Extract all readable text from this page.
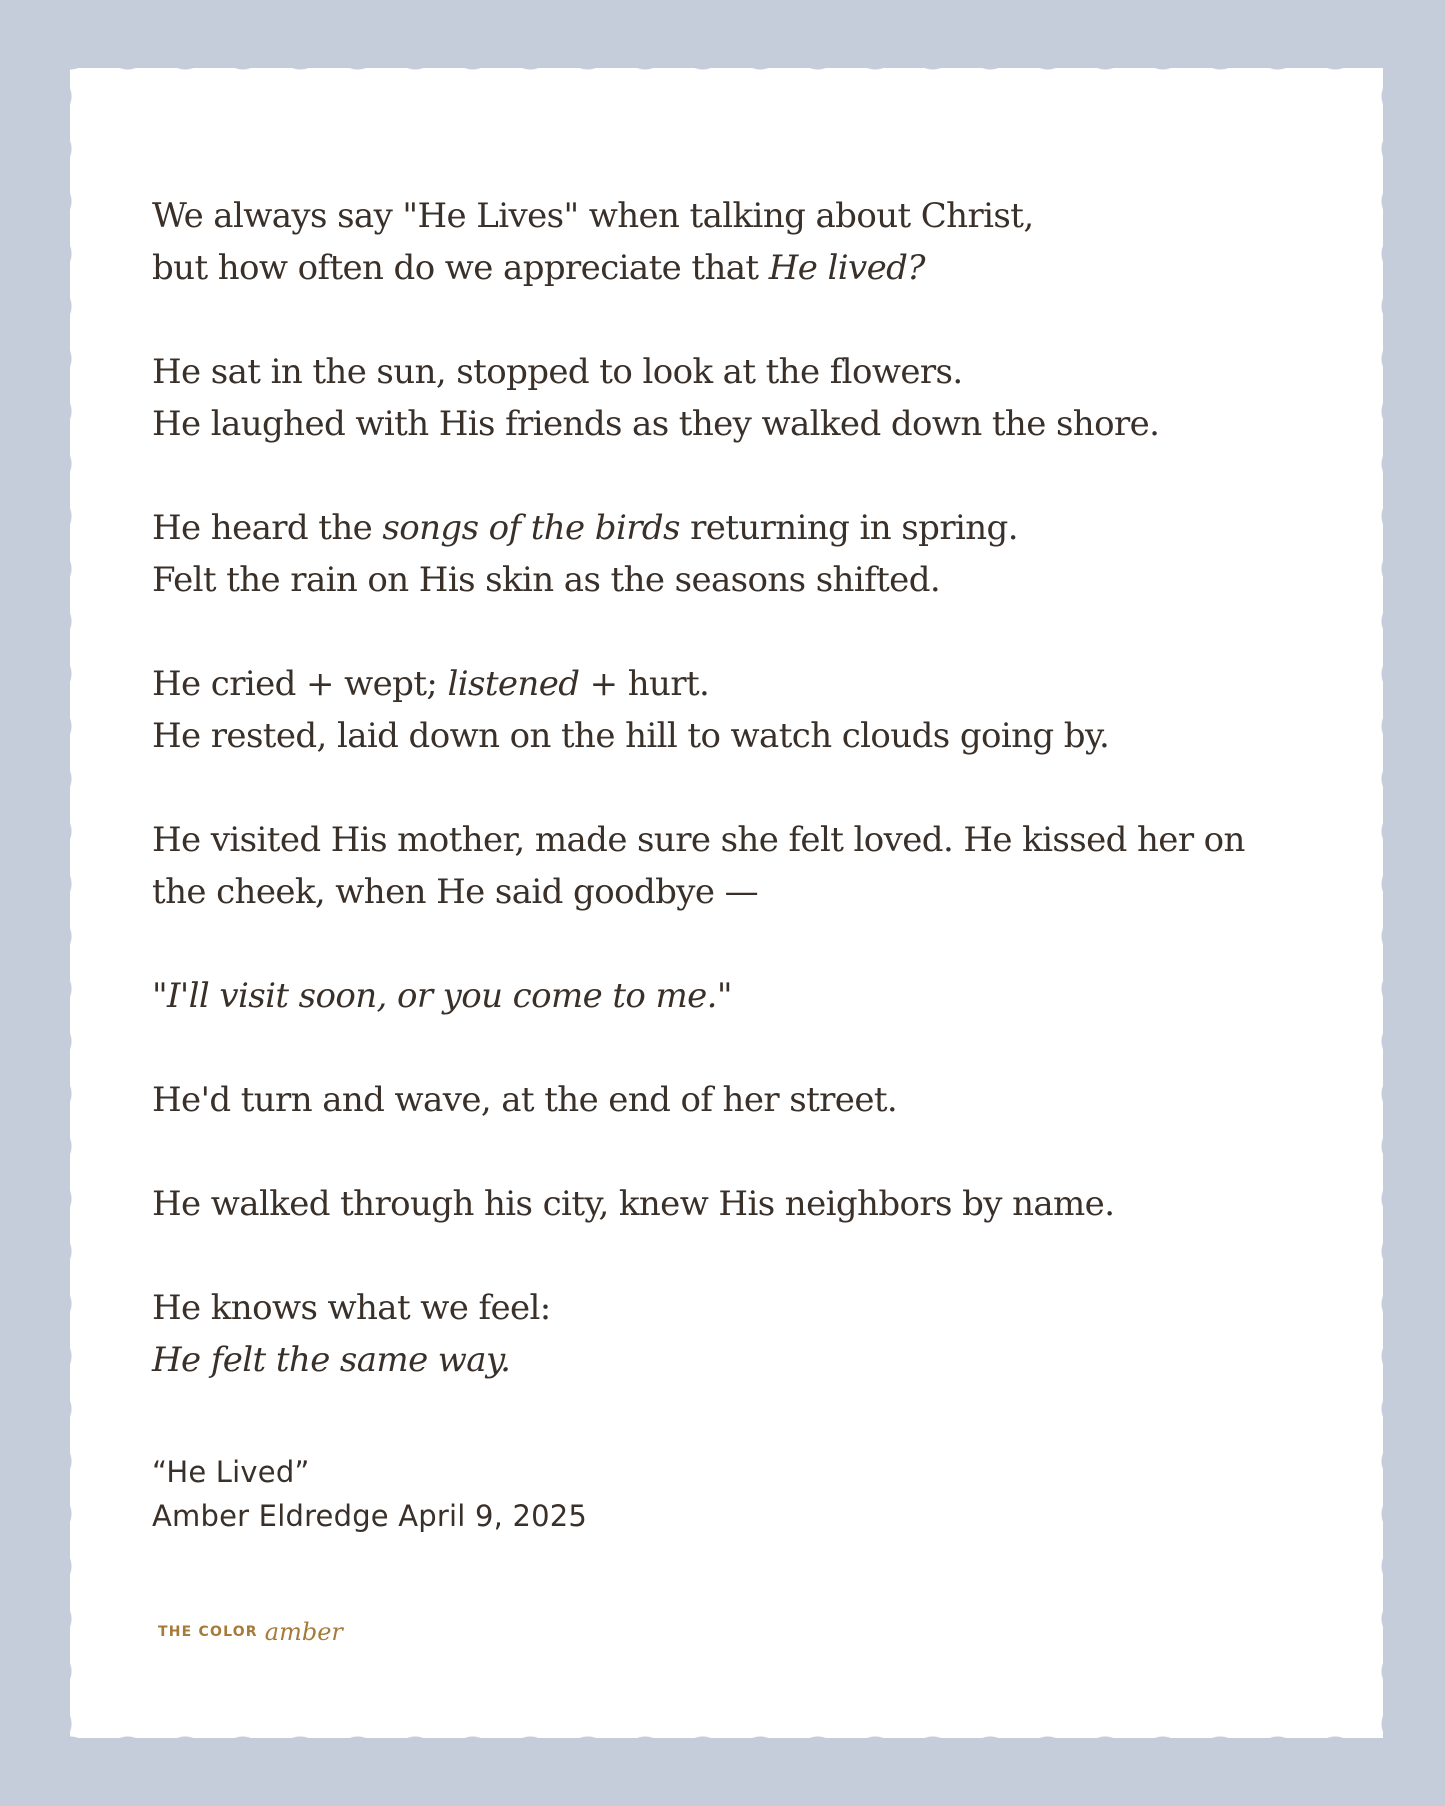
We always say "He Lives" when talking about Christ,
but how often do we appreciate that He lived?

He sat in the sun, stopped to look at the flowers.
He laughed with His friends as they walked down the shore.

He heard the songs of the birds returning in spring.
Felt the rain on His skin as the seasons shifted.

He cried + wept; listened + hurt.
He rested, laid down on the hill to watch clouds going by.

He visited His mother, made sure she felt loved. He kissed her on the cheek, when He said goodbye —

"I'll visit soon, or you come to me."

He'd turn and wave, at the end of her street.

He walked through his city, knew His neighbors by name.

He knows what we feel:
He felt the same way.

“He Lived”
Amber Eldredge April 9, 2025
THE COLOR amber
